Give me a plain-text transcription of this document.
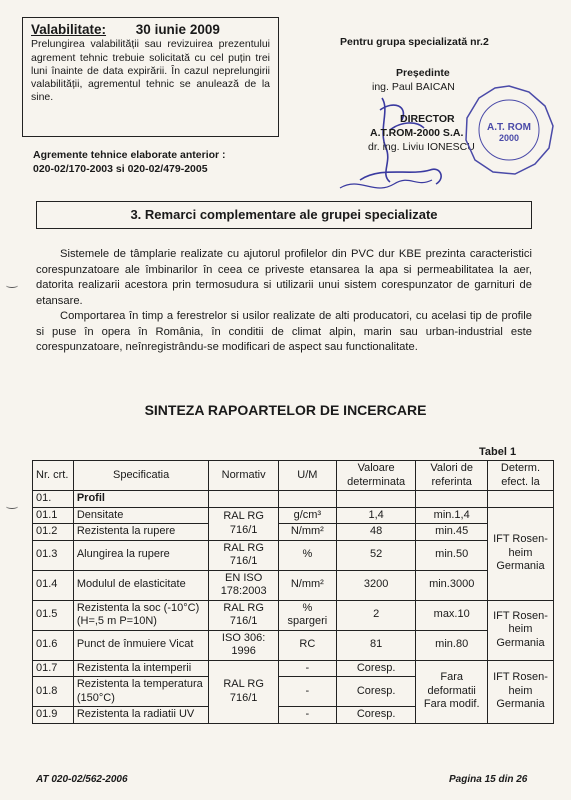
Valabilitate: 30 iunie 2009
Prelungirea valabilității sau revizuirea prezentului agrement tehnic trebuie solicitată cu cel puțin trei luni înainte de data expirării. În cazul neprelungirii valabilității, agrementul tehnic se anulează de la sine.
Agremente tehnice elaborate anterior :
020-02/170-2003 si 020-02/479-2005
Pentru grupa specializată nr.2
Președinte
ing. Paul BAICAN
DIRECTOR
A.T.ROM-2000 S.A.
dr. ing. Liviu IONESCU
A.T. ROM
2000
3. Remarci complementare ale grupei specializate
Sistemele de tâmplarie realizate cu ajutorul profilelor din PVC dur KBE prezinta caracteristici corespunzatoare ale îmbinarilor în ceea ce priveste etansarea la apa si permeabilitatea la aer, datorita realizarii acestora prin termosudura si utilizarii unui sistem corespunzator de garnituri de etansare.
Comportarea în timp a ferestrelor si usilor realizate de alti producatori, cu acelasi tip de profile si puse în opera în România, în conditii de climat alpin, marin sau urban-industrial este corespunzatoare, neînregistrându-se modificari de aspect sau functionalitate.
SINTEZA RAPOARTELOR DE INCERCARE
Tabel 1
Nr. crt.	Specificatia	Normativ	U/M	Valoare determinata	Valori de referinta	Determ. efect. la
01.	Profil					
01.1	Densitate	RAL RG 716/1	g/cm³	1,4	min.1,4	IFT Rosen- heim Germania
01.2	Rezistenta la rupere		N/mm²	48	min.45	
01.3	Alungirea la rupere	RAL RG 716/1	%	52	min.50	
01.4	Modulul de elasticitate	EN ISO 178:2003	N/mm²	3200	min.3000	
01.5	Rezistenta la soc (-10°C) (H=,5 m P=10N)	RAL RG 716/1	% spargeri	2	max.10	IFT Rosen- heim Germania
01.6	Punct de înmuiere Vicat	ISO 306: 1996	RC	81	min.80	
01.7	Rezistenta la intemperii	RAL RG 716/1	-	Coresp.	Fara deformatii Fara modif.	IFT Rosen- heim Germania
01.8	Rezistenta la temperatura (150°C)		-	Coresp.		
01.9	Rezistenta la radiatii UV		-	Coresp.		
AT 020-02/562-2006	Pagina 15 din 26
